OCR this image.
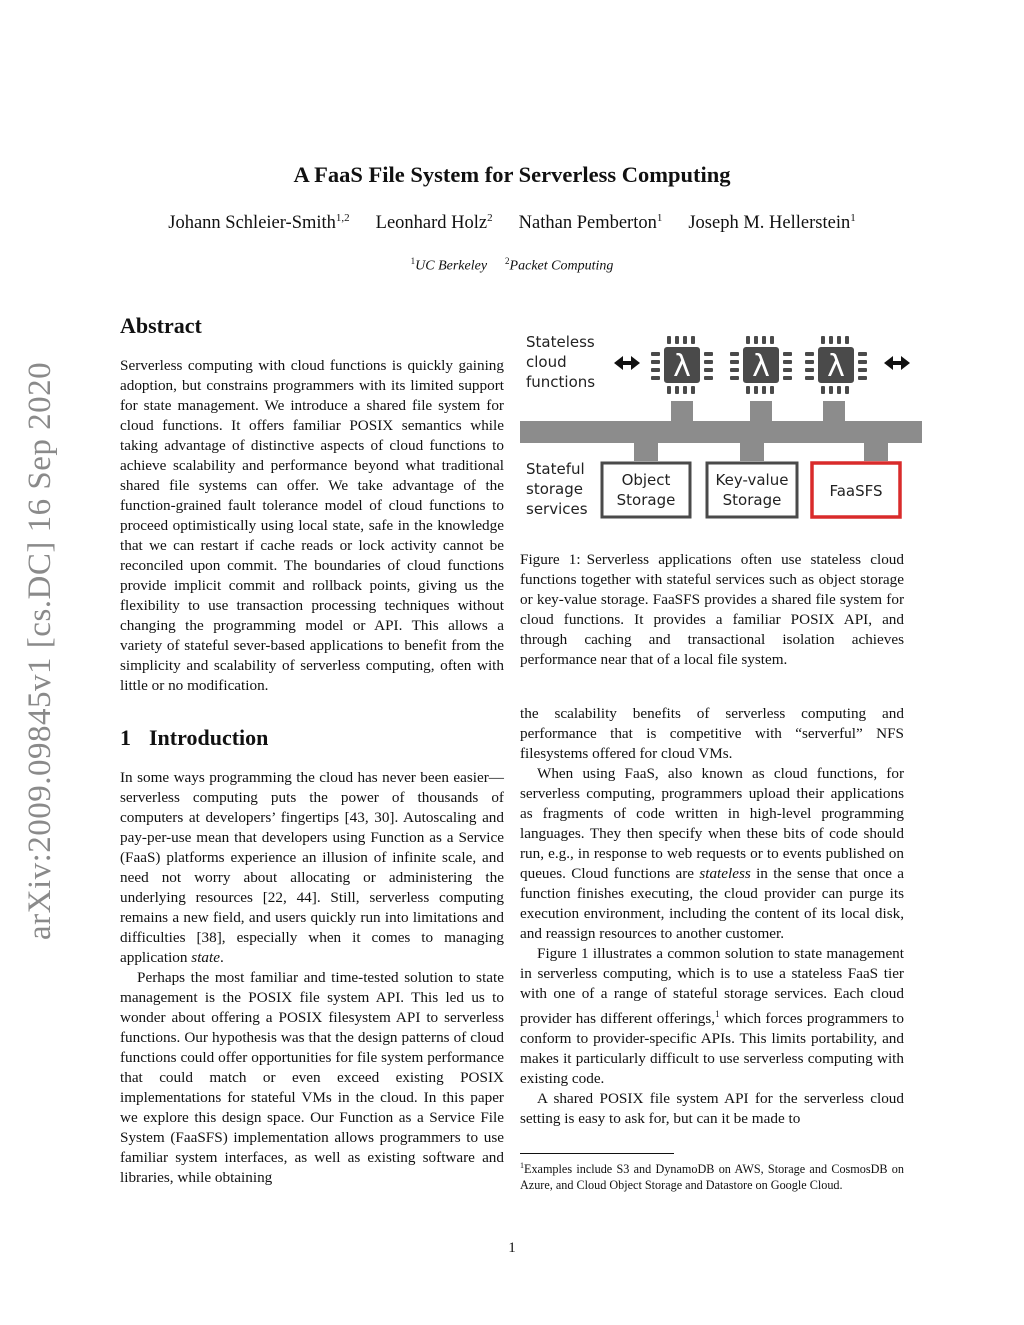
arXiv:2009.09845v1 [cs.DC] 16 Sep 2020
A FaaS File System for Serverless Computing
Johann Schleier-Smith$^{1,2}$ Leonhard Holz$^2$ Nathan Pemberton$^1$ Joseph M. Hellerstein$^1$
$^1$UC Berkeley $^2$Packet Computing
Abstract

Serverless computing with cloud functions is quickly gaining adoption, but constrains programmers with its limited support for state management. We introduce a shared file system for cloud functions. It offers familiar POSIX semantics while taking advantage of distinctive aspects of cloud functions to achieve scalability and performance beyond what traditional shared file systems can offer. We take advantage of the function-grained fault tolerance model of cloud functions to proceed optimistically using local state, safe in the knowledge that we can restart if cache reads or lock activity cannot be reconciled upon commit. The boundaries of cloud functions provide implicit commit and rollback points, giving us the flexibility to use transaction processing techniques without changing the programming model or API. This allows a variety of stateful sever-based applications to benefit from the simplicity and scalability of serverless computing, often with little or no modification.

1 Introduction

In some ways programming the cloud has never been easier—serverless computing puts the power of thousands of computers at developers’ fingertips [43, 30]. Autoscaling and pay-per-use mean that developers using Function as a Service (FaaS) platforms experience an illusion of infinite scale, and need not worry about allocating or administering the underlying resources [22, 44]. Still, serverless computing remains a new field, and users quickly run into limitations and difficulties [38], especially when it comes to managing application state.

Perhaps the most familiar and time-tested solution to state management is the POSIX file system API. This led us to wonder about offering a POSIX filesystem API to serverless functions. Our hypothesis was that the design patterns of cloud functions could offer opportunities for file system performance that could match or even exceed existing POSIX implementations for stateful VMs in the cloud. In this paper we explore this design space. Our Function as a Service File System (FaaSFS) implementation allows programmers to use familiar system interfaces, as well as existing software and libraries, while obtaining

Stateless
cloud
functions
Stateful
storage
services
λ λ λ
Object
Storage
Key-value
Storage	FaaSFS
Figure 1: Serverless applications often use stateless cloud functions together with stateful services such as object storage or key-value storage. FaaSFS provides a shared file system for cloud functions. It provides a familiar POSIX API, and through caching and transactional isolation achieves performance near that of a local file system.

the scalability benefits of serverless computing and performance that is competitive with “serverful” NFS filesystems offered for cloud VMs.

When using FaaS, also known as cloud functions, for serverless computing, programmers upload their applications as fragments of code written in high-level programming languages. They then specify when these bits of code should run, e.g., in response to web requests or to events published on queues. Cloud functions are stateless in the sense that once a function finishes executing, the cloud provider can purge its execution environment, including the content of its local disk, and reassign resources to another customer.

Figure 1 illustrates a common solution to state management in serverless computing, which is to use a stateless FaaS tier with one of a range of stateful storage services. Each cloud provider has different offerings,$^1$ which forces programmers to conform to provider-specific APIs. This limits portability, and makes it particularly difficult to use serverless computing with existing code.

A shared POSIX file system API for the serverless cloud setting is easy to ask for, but can it be made to

$^1$Examples include S3 and DynamoDB on AWS, Storage and CosmosDB on Azure, and Cloud Object Storage and Datastore on Google Cloud.
1
